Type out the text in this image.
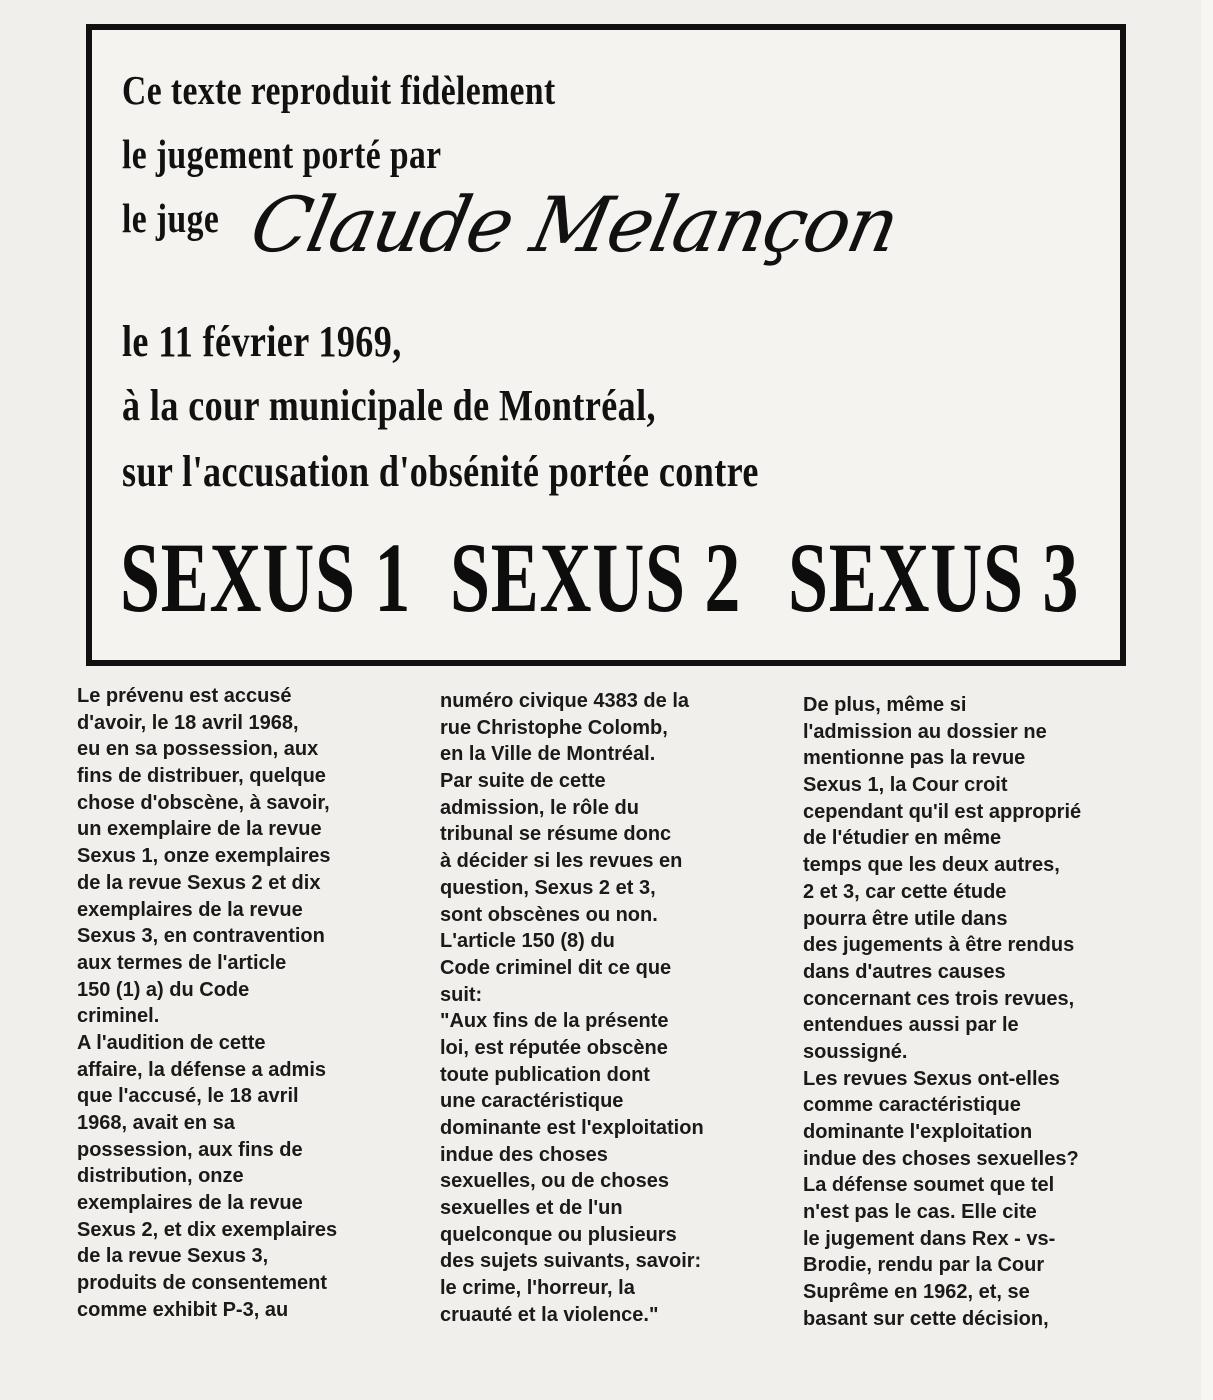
Ce texte reproduit fidèlement
le jugement porté par
le juge Claude Melançon
le 11 février 1969,
à la cour municipale de Montréal,
sur l'accusation d'obsénité portée contre
SEXUS 1 SEXUS 2 SEXUS 3
Le prévenu est accusé
d'avoir, le 18 avril 1968,
eu en sa possession, aux
fins de distribuer, quelque
chose d'obscène, à savoir,
un exemplaire de la revue
Sexus 1, onze exemplaires
de la revue Sexus 2 et dix
exemplaires de la revue
Sexus 3, en contravention
aux termes de l'article
150 (1) a) du Code
criminel.
A l'audition de cette
affaire, la défense a admis
que l'accusé, le 18 avril
1968, avait en sa
possession, aux fins de
distribution, onze
exemplaires de la revue
Sexus 2, et dix exemplaires
de la revue Sexus 3,
produits de consentement
comme exhibit P-3, au
numéro civique 4383 de la
rue Christophe Colomb,
en la Ville de Montréal.
Par suite de cette
admission, le rôle du
tribunal se résume donc
à décider si les revues en
question, Sexus 2 et 3,
sont obscènes ou non.
L'article 150 (8) du
Code criminel dit ce que
suit:
"Aux fins de la présente
loi, est réputée obscène
toute publication dont
une caractéristique
dominante est l'exploitation
indue des choses
sexuelles, ou de choses
sexuelles et de l'un
quelconque ou plusieurs
des sujets suivants, savoir:
le crime, l'horreur, la
cruauté et la violence."
De plus, même si
l'admission au dossier ne
mentionne pas la revue
Sexus 1, la Cour croit
cependant qu'il est approprié
de l'étudier en même
temps que les deux autres,
2 et 3, car cette étude
pourra être utile dans
des jugements à être rendus
dans d'autres causes
concernant ces trois revues,
entendues aussi par le
soussigné.
Les revues Sexus ont-elles
comme caractéristique
dominante l'exploitation
indue des choses sexuelles?
La défense soumet que tel
n'est pas le cas. Elle cite
le jugement dans Rex - vs-
Brodie, rendu par la Cour
Suprême en 1962, et, se
basant sur cette décision,
